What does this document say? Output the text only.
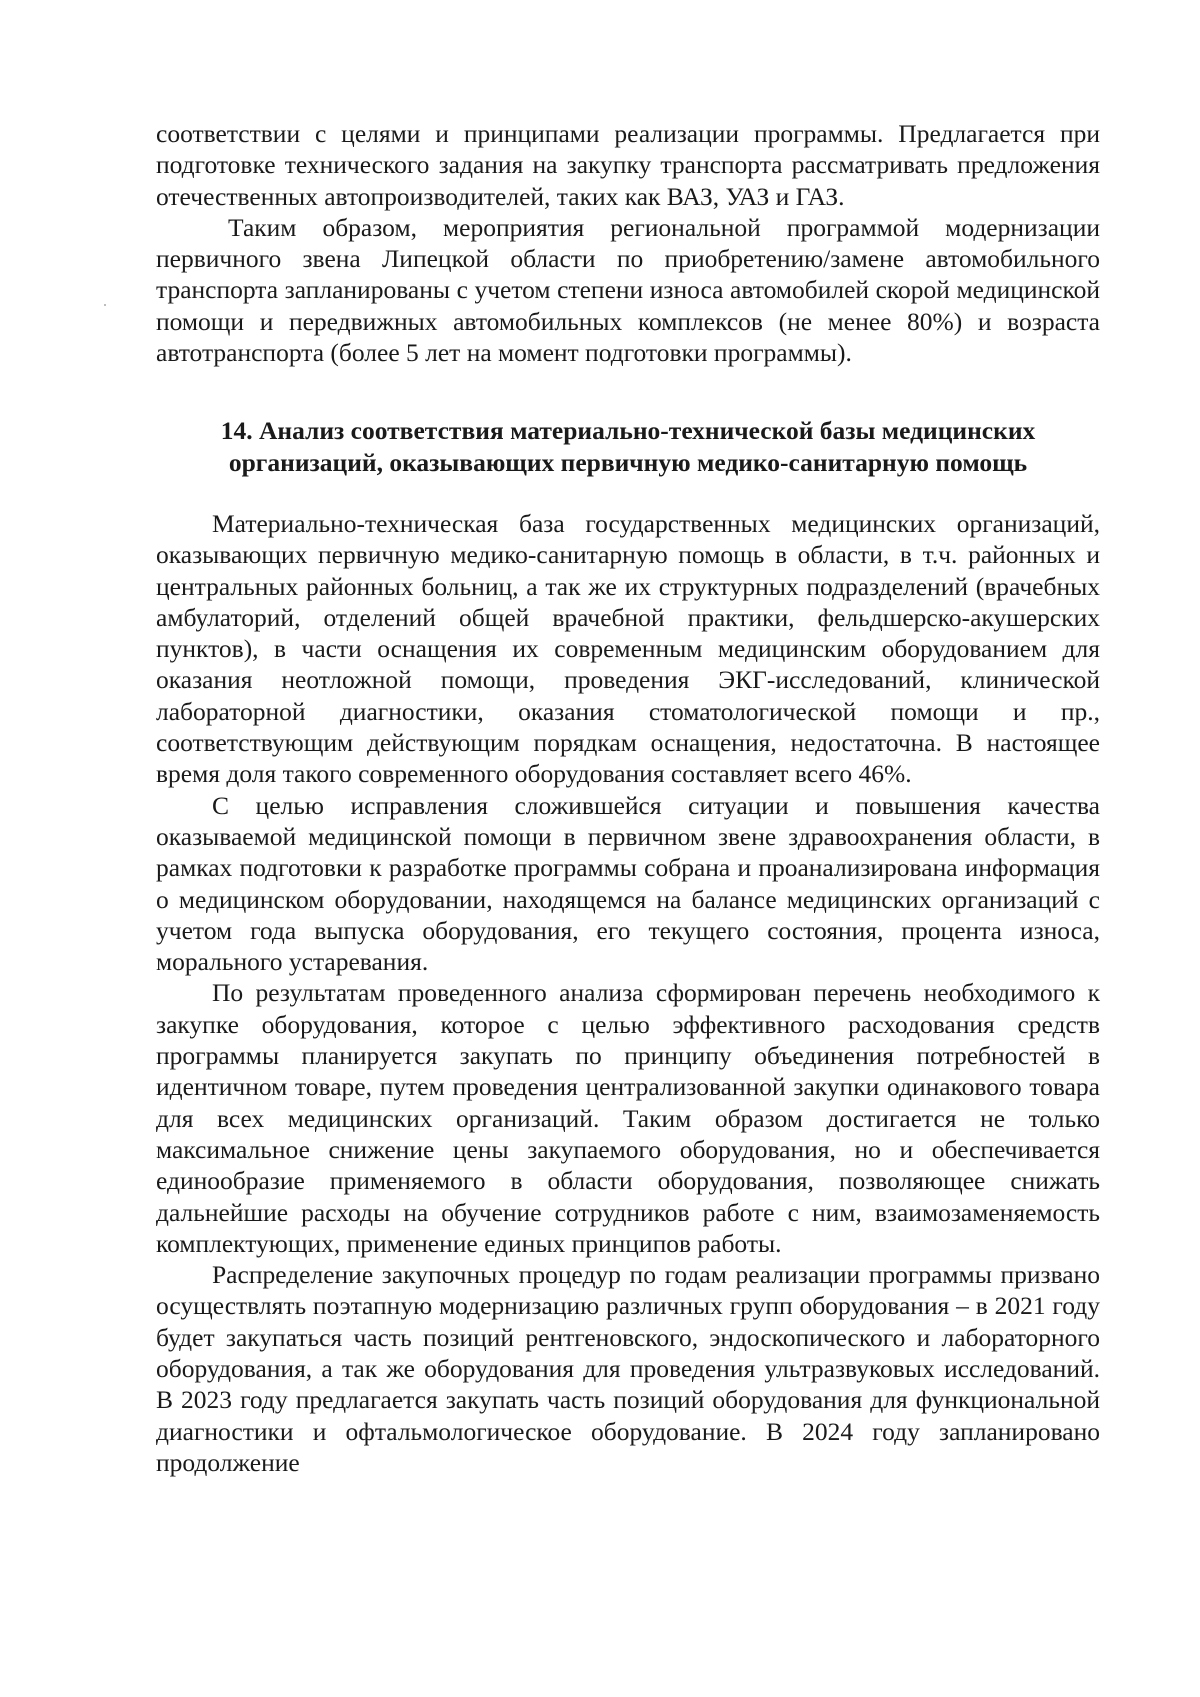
соответствии с целями и принципами реализации программы. Предлагается при подготовке технического задания на закупку транспорта рассматривать предложения отечественных автопроизводителей, таких как ВАЗ, УАЗ и ГАЗ.

Таким образом, мероприятия региональной программой модернизации первичного звена Липецкой области по приобретению/замене автомобильного транспорта запланированы с учетом степени износа автомобилей скорой медицинской помощи и передвижных автомобильных комплексов (не менее 80%) и возраста автотранспорта (более 5 лет на момент подготовки программы).

14. Анализ соответствия материально-технической базы медицинских организаций, оказывающих первичную медико-санитарную помощь

Материально-техническая база государственных медицинских организаций, оказывающих первичную медико-санитарную помощь в области, в т.ч. районных и центральных районных больниц, а так же их структурных подразделений (врачебных амбулаторий, отделений общей врачебной практики, фельдшерско-акушерских пунктов), в части оснащения их современным медицинским оборудованием для оказания неотложной помощи, проведения ЭКГ-исследований, клинической лабораторной диагностики, оказания стоматологической помощи и пр., соответствующим действующим порядкам оснащения, недостаточна. В настоящее время доля такого современного оборудования составляет всего 46%.

С целью исправления сложившейся ситуации и повышения качества оказываемой медицинской помощи в первичном звене здравоохранения области, в рамках подготовки к разработке программы собрана и проанализирована информация о медицинском оборудовании, находящемся на балансе медицинских организаций с учетом года выпуска оборудования, его текущего состояния, процента износа, морального устаревания.

По результатам проведенного анализа сформирован перечень необходимого к закупке оборудования, которое с целью эффективного расходования средств программы планируется закупать по принципу объединения потребностей в идентичном товаре, путем проведения централизованной закупки одинакового товара для всех медицинских организаций. Таким образом достигается не только максимальное снижение цены закупаемого оборудования, но и обеспечивается единообразие применяемого в области оборудования, позволяющее снижать дальнейшие расходы на обучение сотрудников работе с ним, взаимозаменяемость комплектующих, применение единых принципов работы.

Распределение закупочных процедур по годам реализации программы призвано осуществлять поэтапную модернизацию различных групп оборудования – в 2021 году будет закупаться часть позиций рентгеновского, эндоскопического и лабораторного оборудования, а так же оборудования для проведения ультразвуковых исследований. В 2023 году предлагается закупать часть позиций оборудования для функциональной диагностики и офтальмологическое оборудование. В 2024 году запланировано продолжение
